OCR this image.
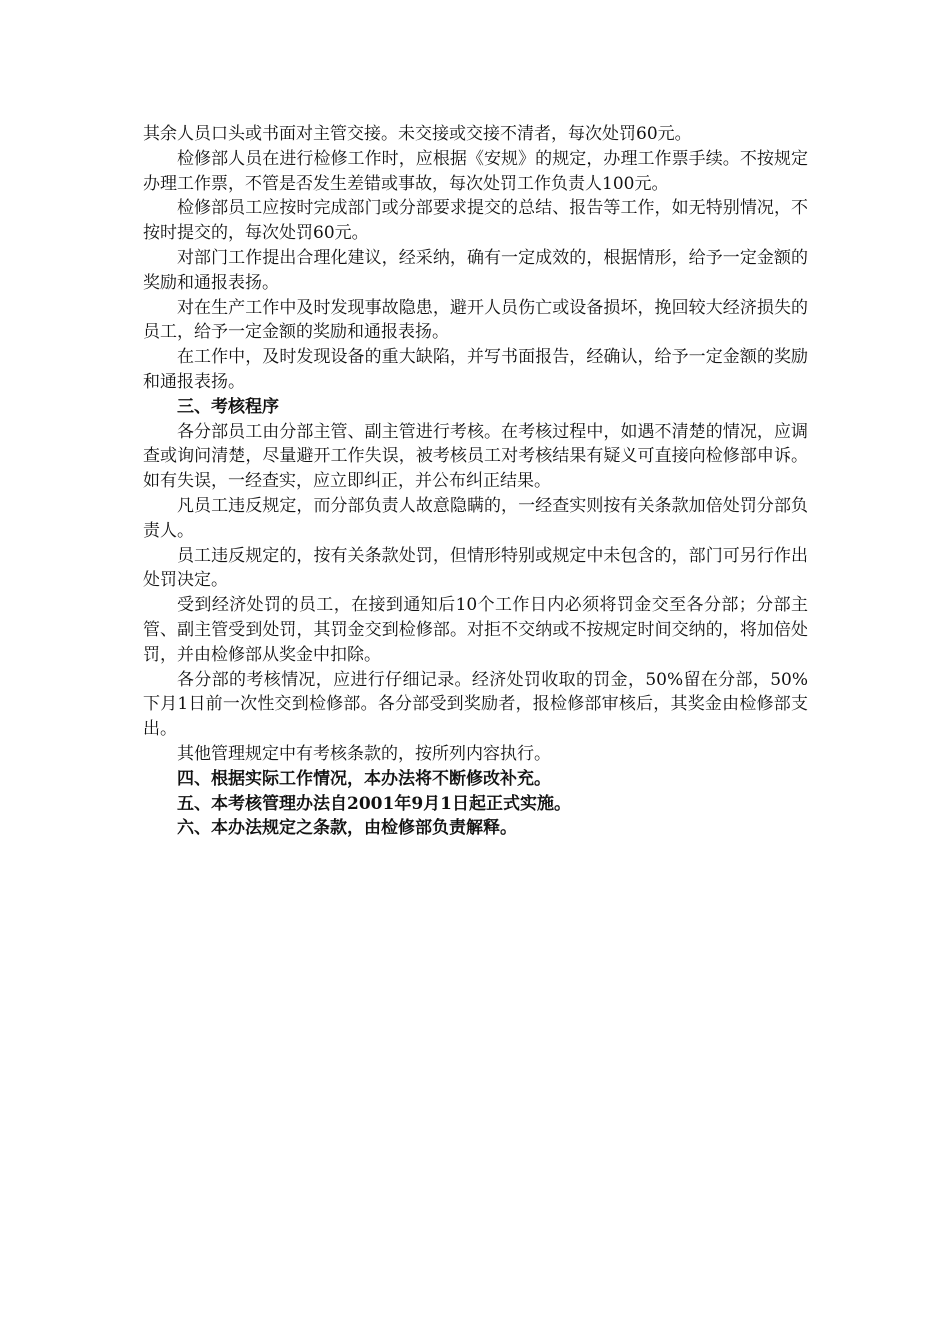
其余人员口头或书面对主管交接。未交接或交接不清者，每次处罚60元。

检修部人员在进行检修工作时，应根据《安规》的规定，办理工作票手续。不按规定办理工作票，不管是否发生差错或事故，每次处罚工作负责人100元。

检修部员工应按时完成部门或分部要求提交的总结、报告等工作，如无特别情况，不按时提交的，每次处罚60元。

对部门工作提出合理化建议，经采纳，确有一定成效的，根据情形，给予一定金额的奖励和通报表扬。

对在生产工作中及时发现事故隐患，避开人员伤亡或设备损坏，挽回较大经济损失的员工，给予一定金额的奖励和通报表扬。

在工作中，及时发现设备的重大缺陷，并写书面报告，经确认，给予一定金额的奖励和通报表扬。

三、考核程序

各分部员工由分部主管、副主管进行考核。在考核过程中，如遇不清楚的情况，应调查或询问清楚，尽量避开工作失误，被考核员工对考核结果有疑义可直接向检修部申诉。如有失误，一经查实，应立即纠正，并公布纠正结果。

凡员工违反规定，而分部负责人故意隐瞒的，一经查实则按有关条款加倍处罚分部负责人。

员工违反规定的，按有关条款处罚，但情形特别或规定中未包含的，部门可另行作出处罚决定。

受到经济处罚的员工，在接到通知后10个工作日内必须将罚金交至各分部；分部主管、副主管受到处罚，其罚金交到检修部。对拒不交纳或不按规定时间交纳的，将加倍处罚，并由检修部从奖金中扣除。

各分部的考核情况，应进行仔细记录。经济处罚收取的罚金，50%留在分部，50%下月1日前一次性交到检修部。各分部受到奖励者，报检修部审核后，其奖金由检修部支出。

其他管理规定中有考核条款的，按所列内容执行。

四、根据实际工作情况，本办法将不断修改补充。

五、本考核管理办法自2001年9月1日起正式实施。

六、本办法规定之条款，由检修部负责解释。
